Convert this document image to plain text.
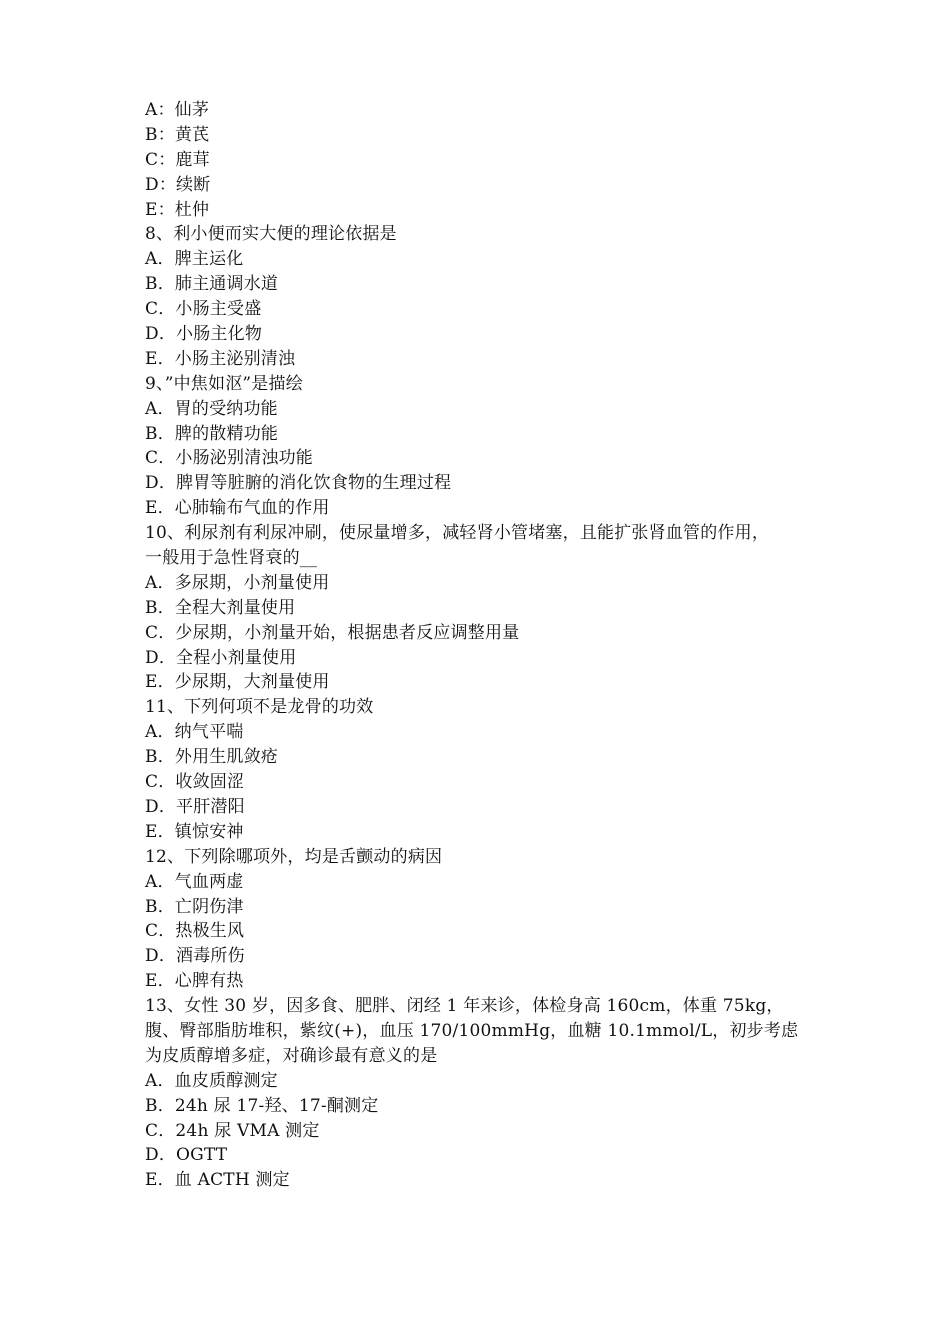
A：仙茅
B：黄芪
C：鹿茸
D：续断
E：杜仲
8、利小便而实大便的理论依据是
A．脾主运化
B．肺主通调水道
C．小肠主受盛
D．小肠主化物
E．小肠主泌别清浊
9、”中焦如沤”是描绘
A．胃的受纳功能
B．脾的散精功能
C．小肠泌别清浊功能
D．脾胃等脏腑的消化饮食物的生理过程
E．心肺输布气血的作用
10、利尿剂有利尿冲刷，使尿量增多，减轻肾小管堵塞，且能扩张肾血管的作用，
一般用于急性肾衰的__
A．多尿期，小剂量使用
B．全程大剂量使用
C．少尿期，小剂量开始，根据患者反应调整用量
D．全程小剂量使用
E．少尿期，大剂量使用
11、下列何项不是龙骨的功效
A．纳气平喘
B．外用生肌敛疮
C．收敛固涩
D．平肝潜阳
E．镇惊安神
12、下列除哪项外，均是舌颤动的病因
A．气血两虚
B．亡阴伤津
C．热极生风
D．酒毒所伤
E．心脾有热
13、女性 30 岁，因多食、肥胖、闭经 1 年来诊，体检身高 160cm，体重 75kg，
腹、臀部脂肪堆积，紫纹(+)，血压 170/100mmHg，血糖 10.1mmol/L，初步考虑
为皮质醇增多症，对确诊最有意义的是
A．血皮质醇测定
B．24h 尿 17-羟、17-酮测定
C．24h 尿 VMA 测定
D．OGTT
E．血 ACTH 测定
